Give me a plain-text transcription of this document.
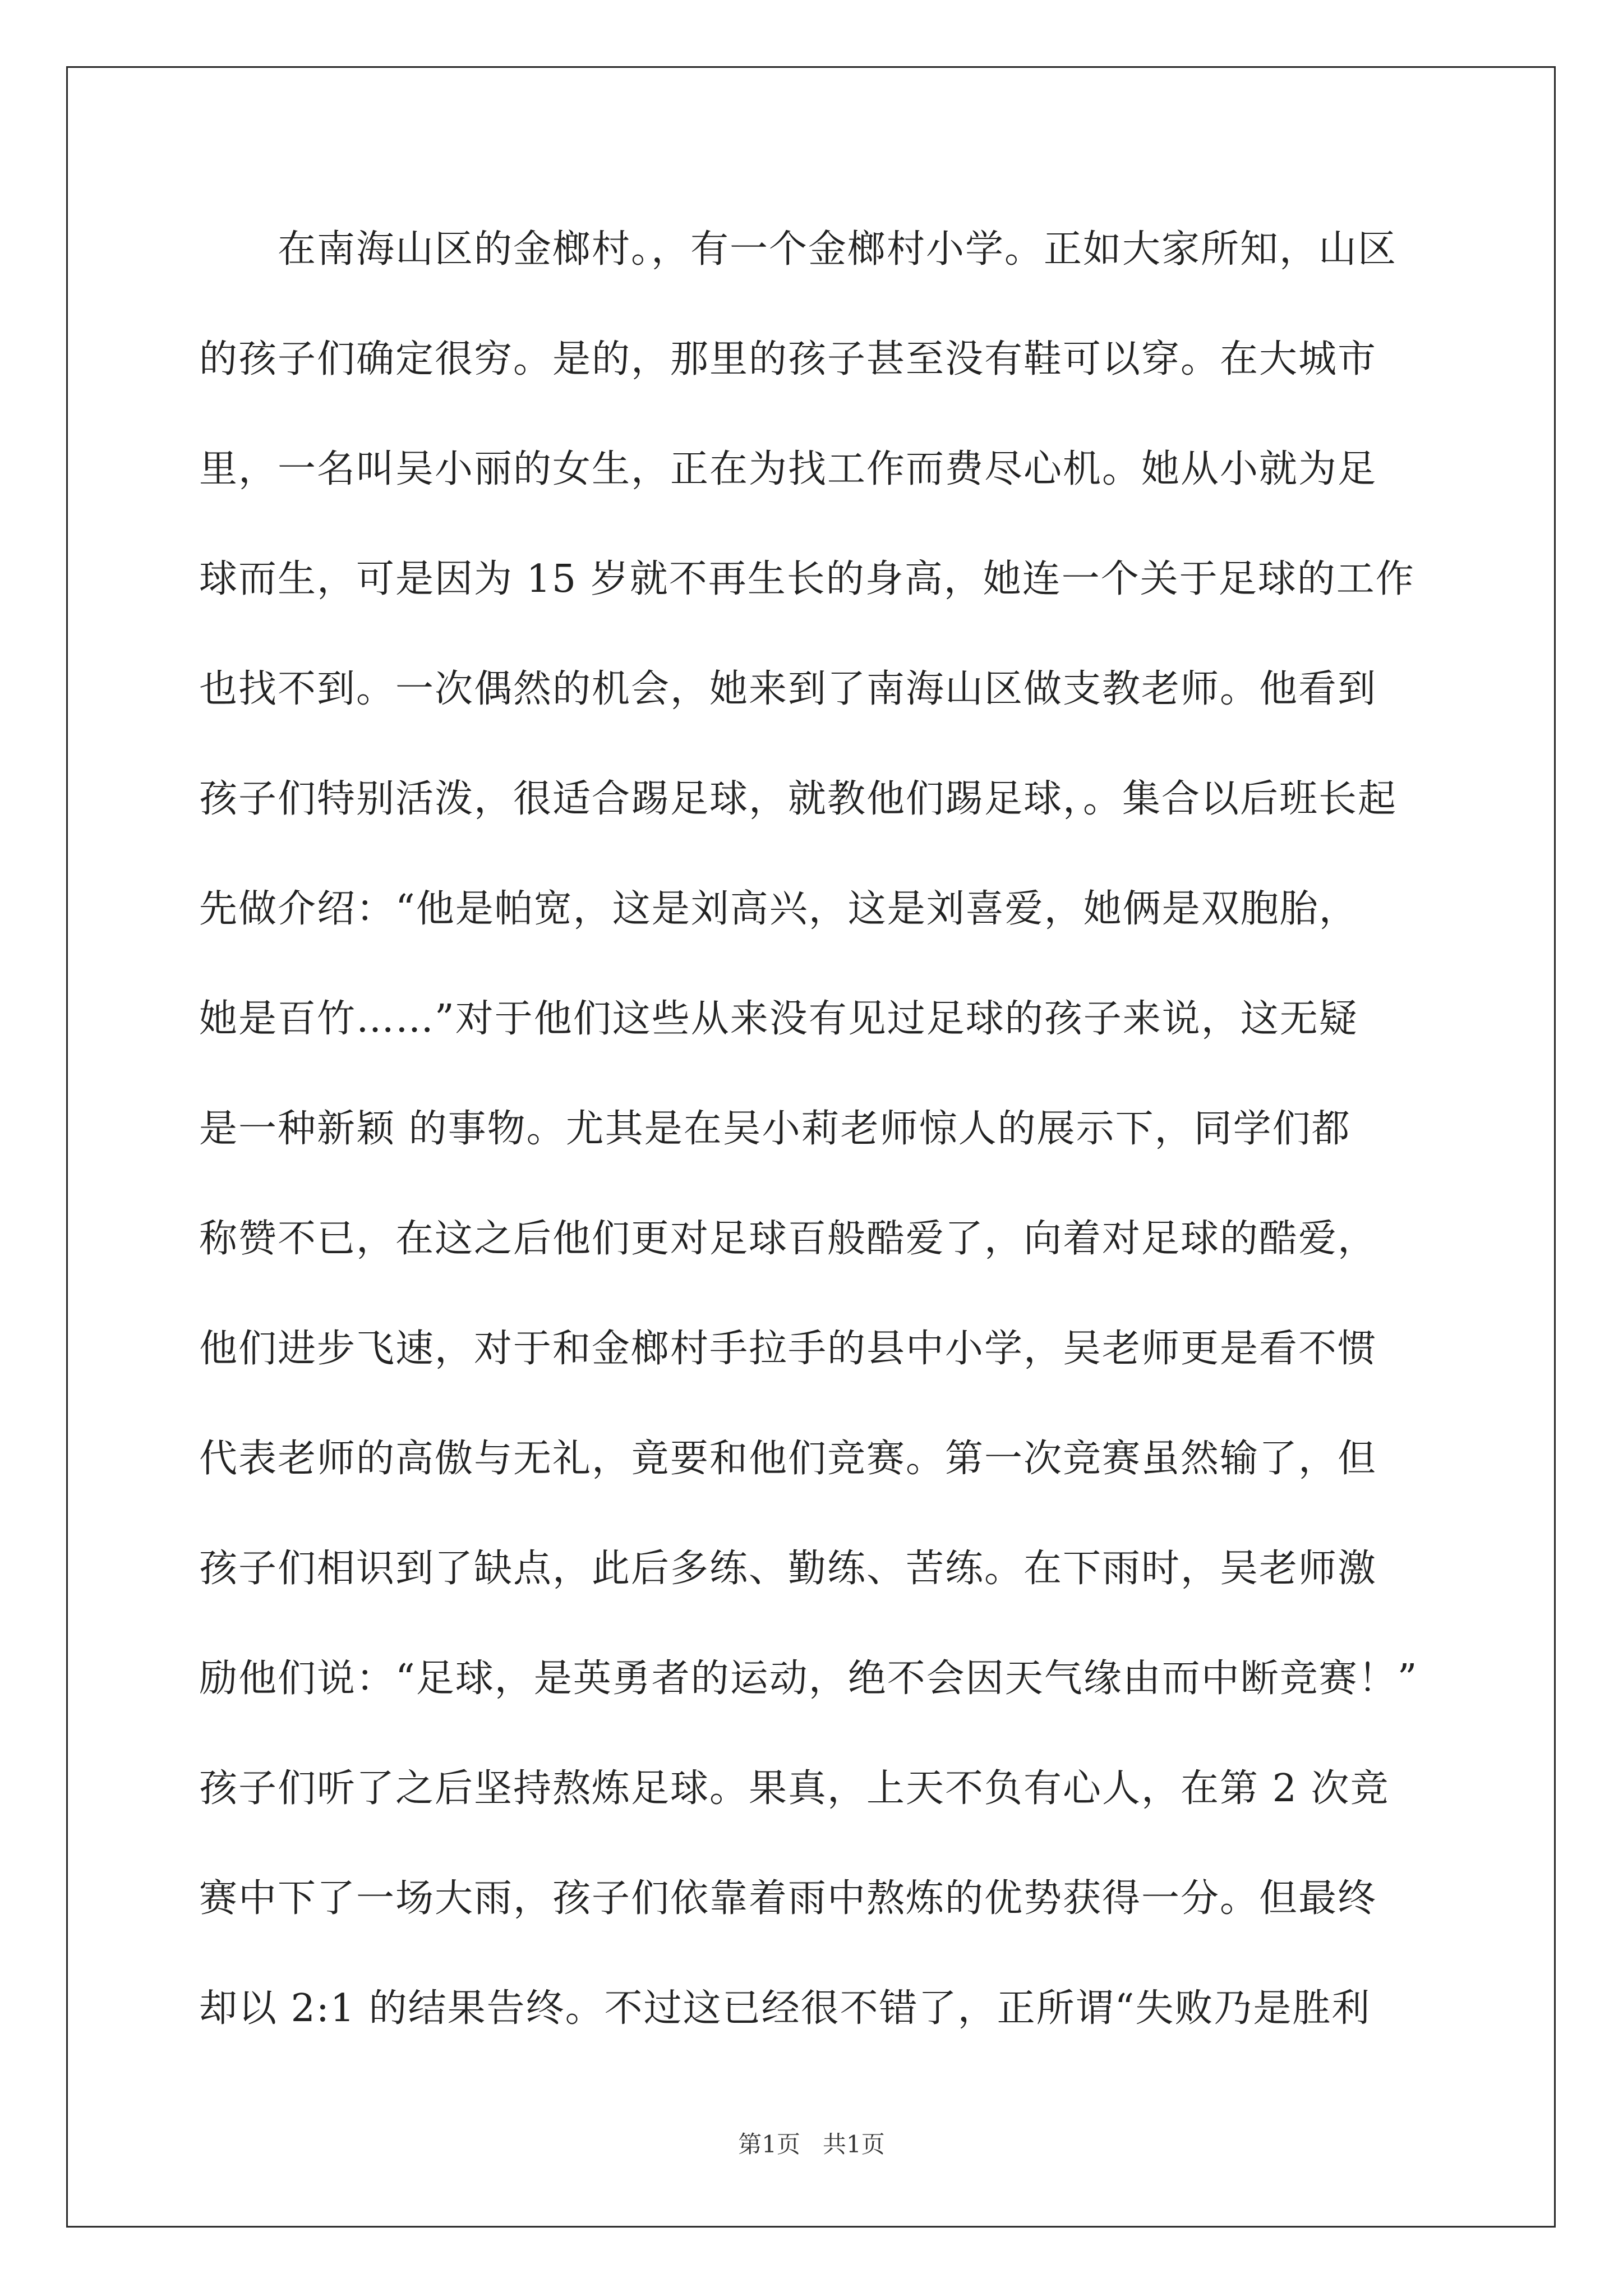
在南海山区的金榔村。，有一个金榔村小学。正如大家所知，山区
的孩子们确定很穷。是的，那里的孩子甚至没有鞋可以穿。在大城市
里，一名叫吴小丽的女生，正在为找工作而费尽心机。她从小就为足
球而生，可是因为 15 岁就不再生长的身高，她连一个关于足球的工作
也找不到。一次偶然的机会，她来到了南海山区做支教老师。他看到
孩子们特别活泼，很适合踢足球，就教他们踢足球，。集合以后班长起
先做介绍：“他是帕宽，这是刘高兴，这是刘喜爱，她俩是双胞胎，
她是百竹……”对于他们这些从来没有见过足球的孩子来说，这无疑
是一种新颖 的事物。尤其是在吴小莉老师惊人的展示下，同学们都
称赞不已，在这之后他们更对足球百般酷爱了，向着对足球的酷爱，
他们进步飞速，对于和金榔村手拉手的县中小学，吴老师更是看不惯
代表老师的高傲与无礼，竟要和他们竞赛。第一次竞赛虽然输了，但
孩子们相识到了缺点，此后多练、勤练、苦练。在下雨时，吴老师激
励他们说：“足球，是英勇者的运动，绝不会因天气缘由而中断竞赛！”
孩子们听了之后坚持熬炼足球。果真，上天不负有心人，在第 2 次竞
赛中下了一场大雨，孩子们依靠着雨中熬炼的优势获得一分。但最终
却以 2:1 的结果告终。不过这已经很不错了，正所谓“失败乃是胜利
第1页   共1页
